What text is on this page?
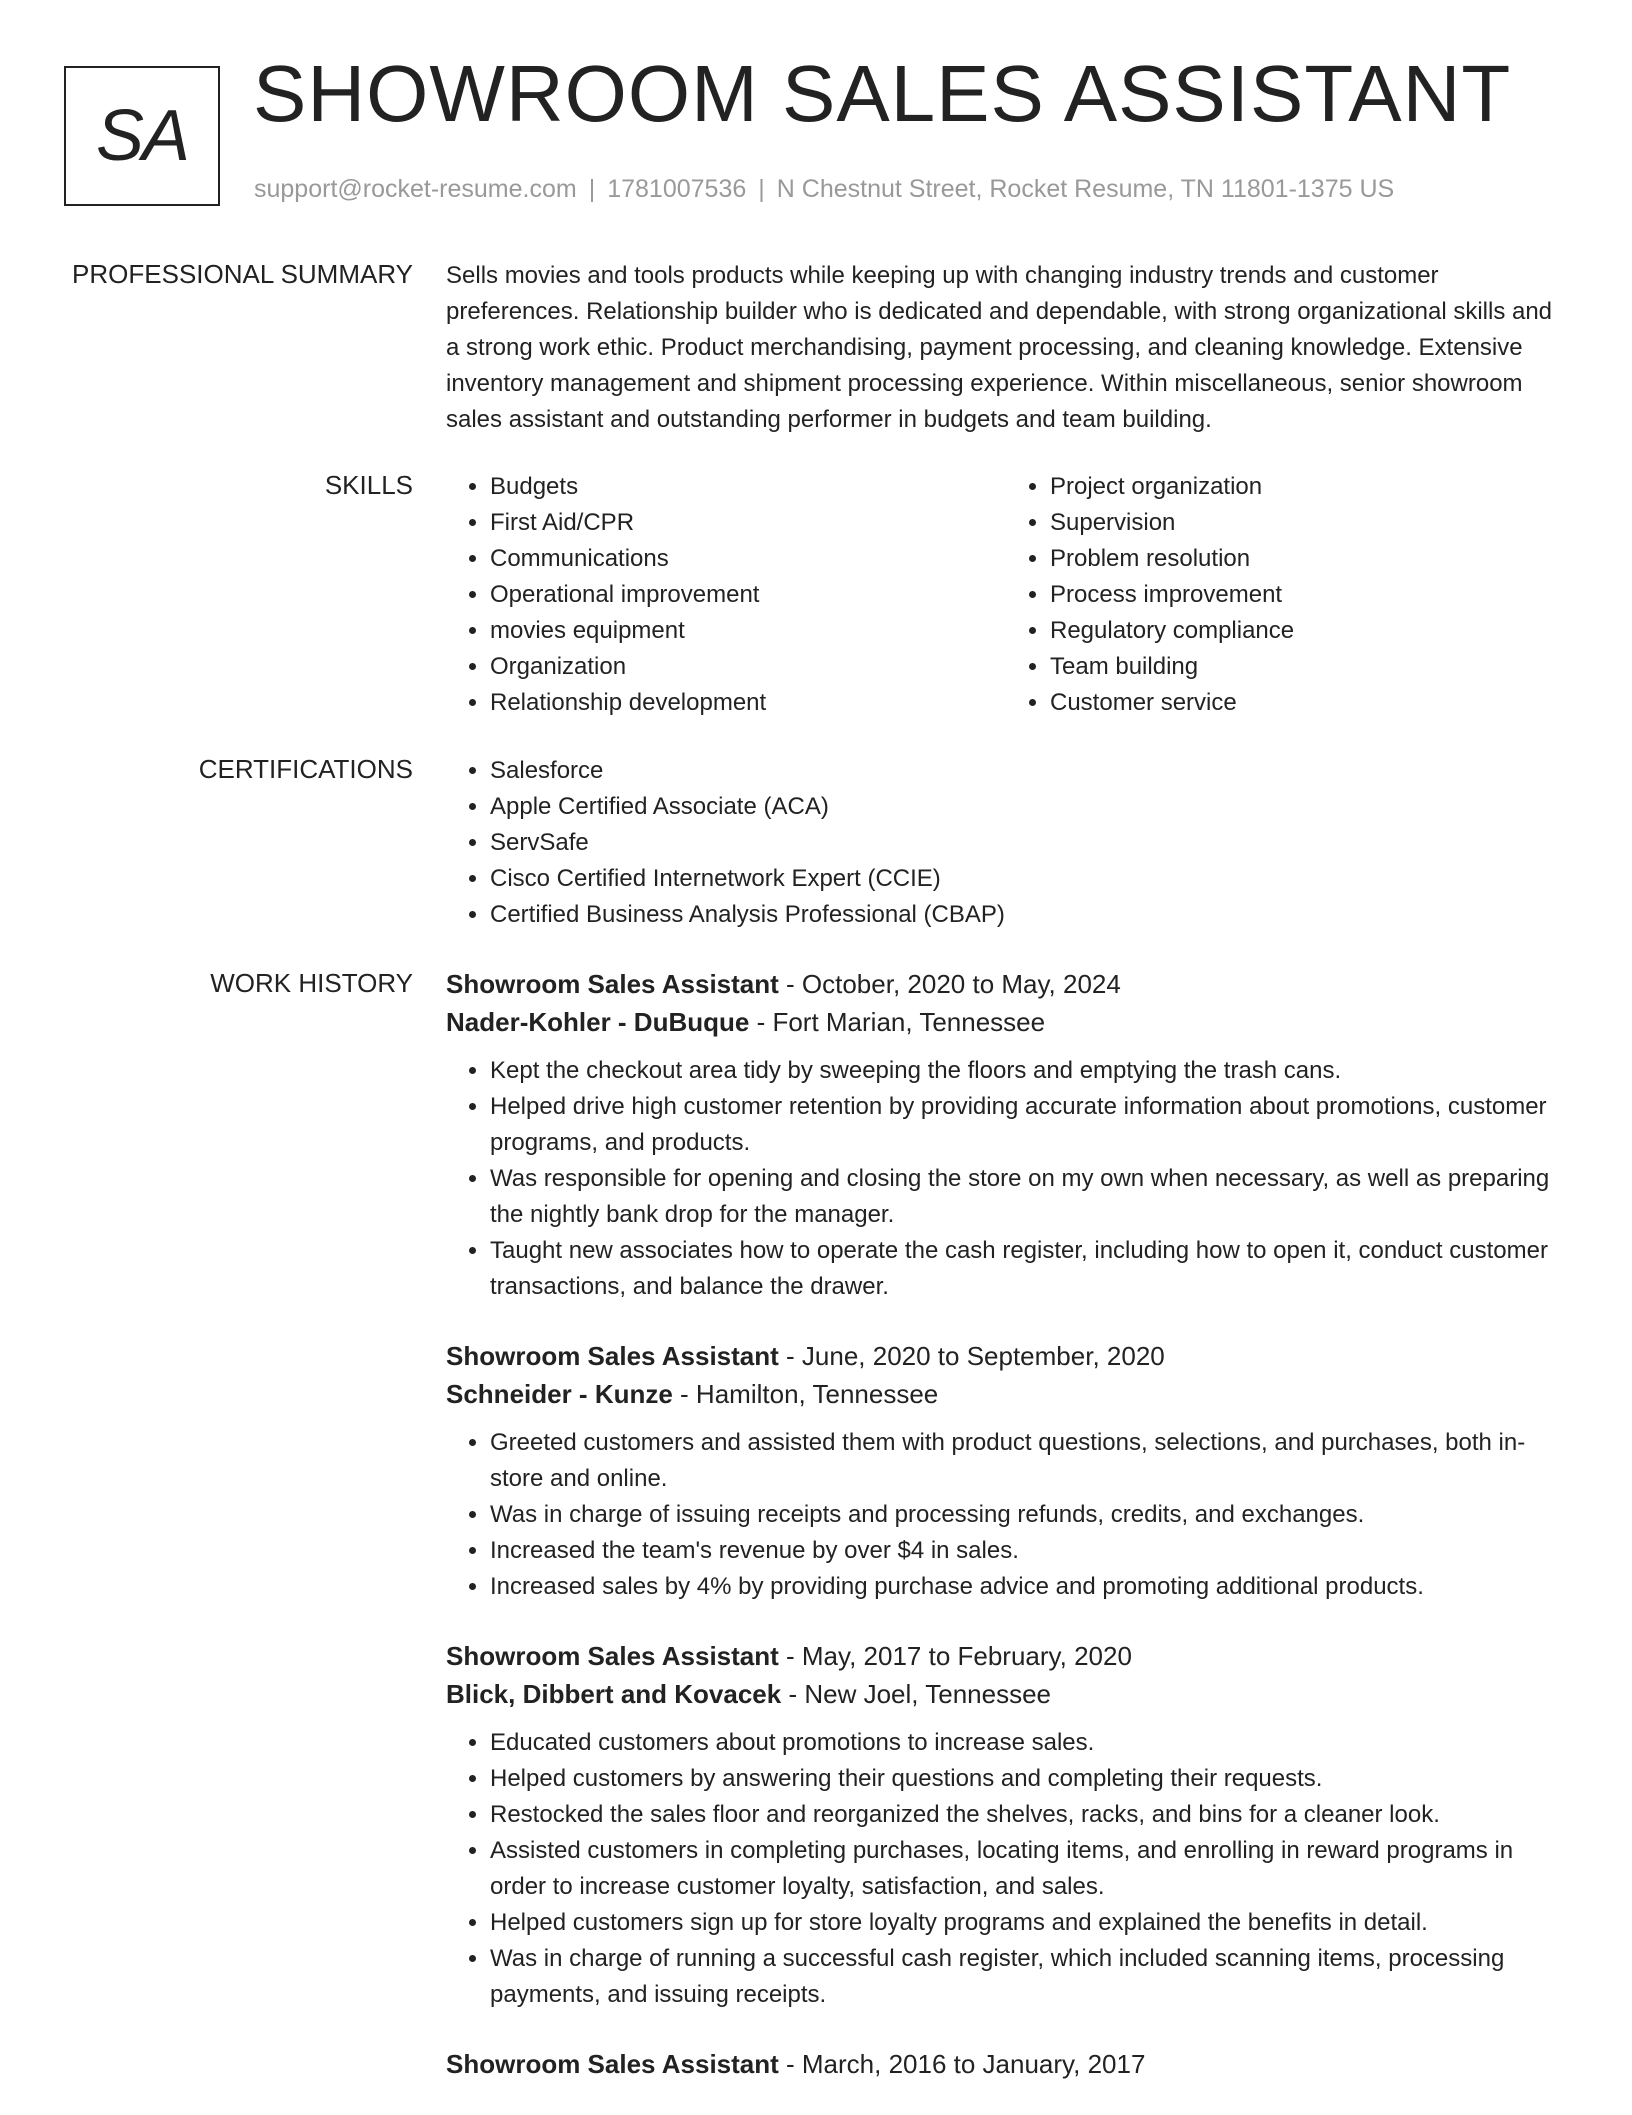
SA SHOWROOM SALES ASSISTANT
support@rocket-resume.com | 1781007536 | N Chestnut Street, Rocket Resume, TN 11801-1375 US
PROFESSIONAL SUMMARY Sells movies and tools products while keeping up with changing industry trends and customer preferences. Relationship builder who is dedicated and dependable, with strong organizational skills and a strong work ethic. Product merchandising, payment processing, and cleaning knowledge. Extensive inventory management and shipment processing experience. Within miscellaneous, senior showroom sales assistant and outstanding performer in budgets and team building.

SKILLS	• Budgets
• First Aid/CPR
• Communications
• Operational improvement
• movies equipment
• Organization
• Relationship development
• Project organization
• Supervision
• Problem resolution
• Process improvement
• Regulatory compliance
• Team building
• Customer service
CERTIFICATIONS	• Salesforce
• Apple Certified Associate (ACA)
• ServSafe
• Cisco Certified Internetwork Expert (CCIE)
• Certified Business Analysis Professional (CBAP)
WORK HISTORY Showroom Sales Assistant - October, 2020 to May, 2024
Nader-Kohler - DuBuque - Fort Marian, Tennessee
• Kept the checkout area tidy by sweeping the floors and emptying the trash cans.
• Helped drive high customer retention by providing accurate information about promotions, customer programs, and products.
• Was responsible for opening and closing the store on my own when necessary, as well as preparing the nightly bank drop for the manager.
• Taught new associates how to operate the cash register, including how to open it, conduct customer transactions, and balance the drawer.
Showroom Sales Assistant - June, 2020 to September, 2020
Schneider - Kunze - Hamilton, Tennessee
• Greeted customers and assisted them with product questions, selections, and purchases, both in-store and online.
• Was in charge of issuing receipts and processing refunds, credits, and exchanges.
• Increased the team's revenue by over $4 in sales.
• Increased sales by 4% by providing purchase advice and promoting additional products.
Showroom Sales Assistant - May, 2017 to February, 2020
Blick, Dibbert and Kovacek - New Joel, Tennessee
• Educated customers about promotions to increase sales.
• Helped customers by answering their questions and completing their requests.
• Restocked the sales floor and reorganized the shelves, racks, and bins for a cleaner look.
• Assisted customers in completing purchases, locating items, and enrolling in reward programs in order to increase customer loyalty, satisfaction, and sales.
• Helped customers sign up for store loyalty programs and explained the benefits in detail.
• Was in charge of running a successful cash register, which included scanning items, processing payments, and issuing receipts.
Showroom Sales Assistant - March, 2016 to January, 2017
